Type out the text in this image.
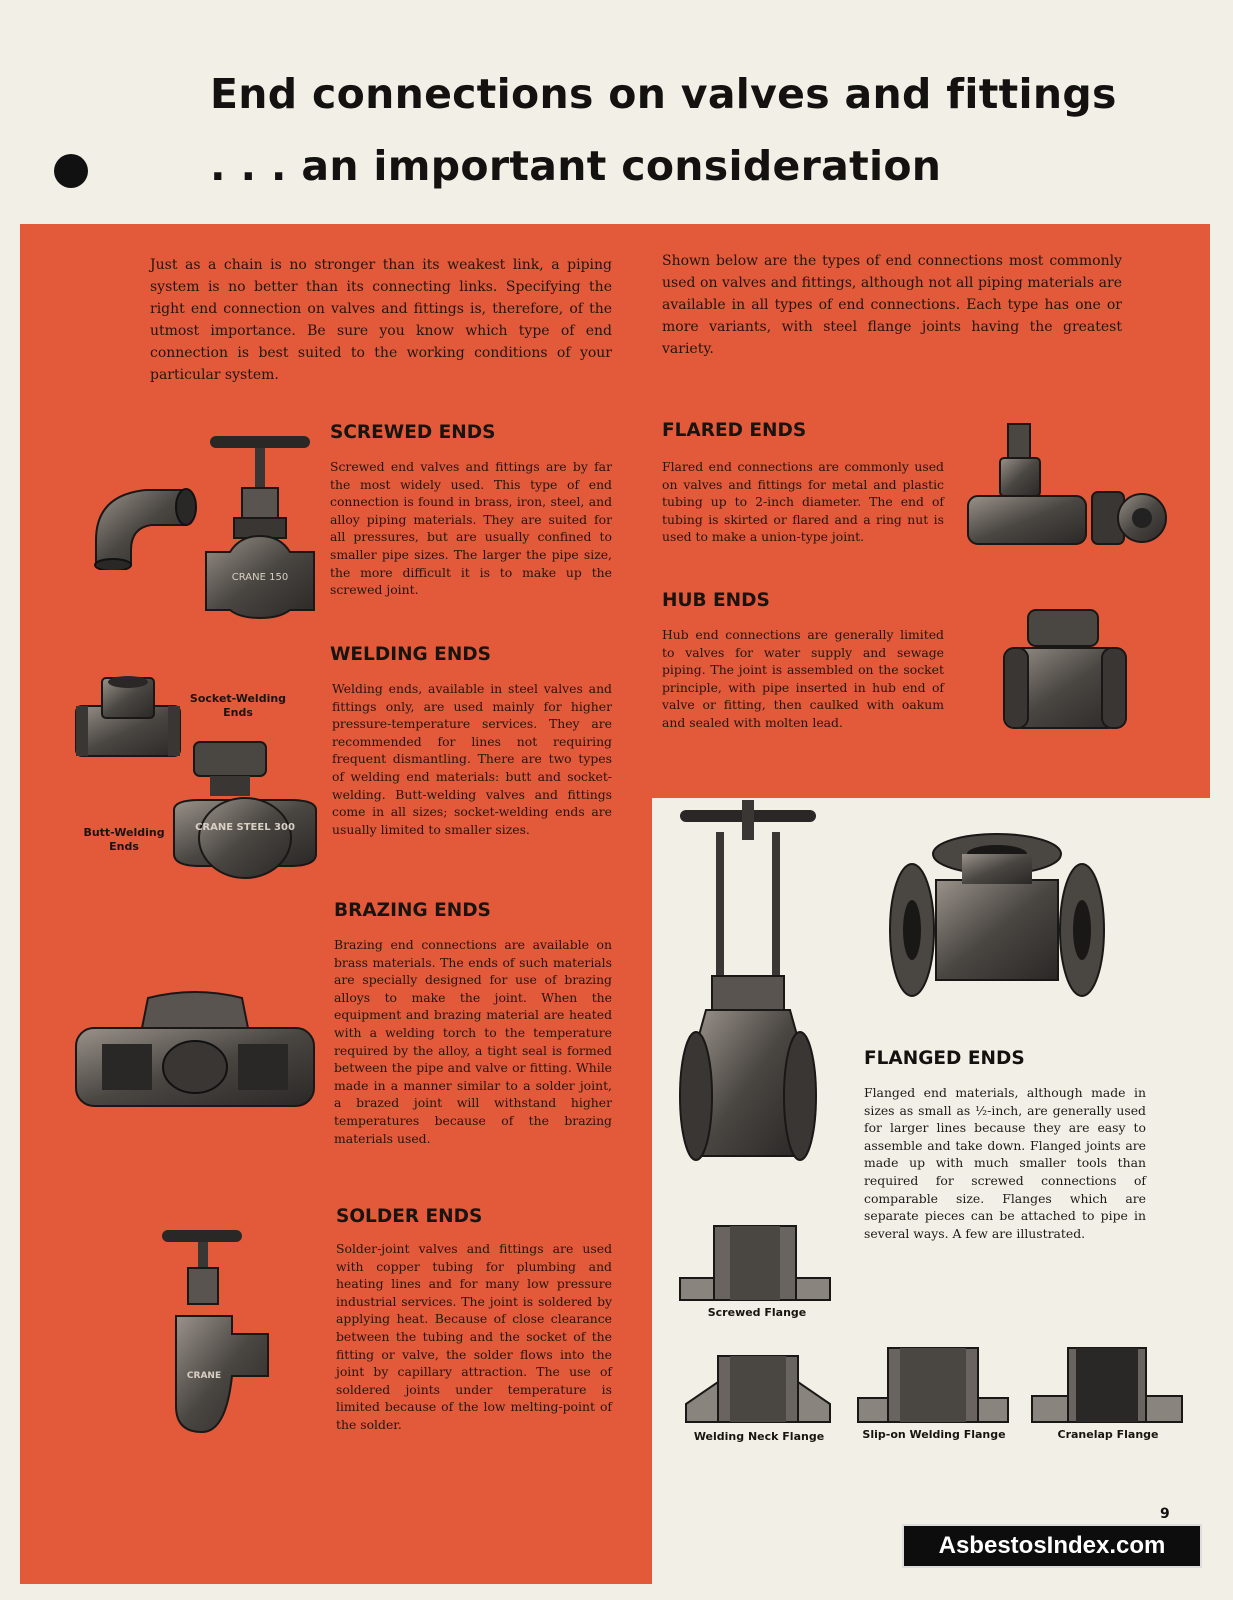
End connections on valves and fittings
. . . an important consideration

Just as a chain is no stronger than its weakest link, a piping system is no better than its connecting links. Specifying the right end connection on valves and fittings is, therefore, of the utmost importance. Be sure you know which type of end connection is best suited to the working conditions of your particular system.

Shown below are the types of end connections most commonly used on valves and fittings, although not all piping materials are available in all types of end connections. Each type has one or more variants, with steel flange joints having the greatest variety.

SCREWED ENDS

Screwed end valves and fittings are by far the most widely used. This type of end connection is found in brass, iron, steel, and alloy piping materials. They are suited for all pressures, but are usually confined to smaller pipe sizes. The larger the pipe size, the more difficult it is to make up the screwed joint.

CRANE 150
WELDING ENDS

Welding ends, available in steel valves and fittings only, are used mainly for higher pressure-temperature services. They are recommended for lines not requiring frequent dismantling. There are two types of welding end materials: butt and socket-welding. Butt-welding valves and fittings come in all sizes; socket-welding ends are usually limited to smaller sizes.

Socket-Welding Ends
CRANE STEEL 300
Butt-Welding Ends
BRAZING ENDS

Brazing end connections are available on brass materials. The ends of such materials are specially designed for use of brazing alloys to make the joint. When the equipment and brazing material are heated with a welding torch to the temperature required by the alloy, a tight seal is formed between the pipe and valve or fitting. While made in a manner similar to a solder joint, a brazed joint will withstand higher temperatures because of the brazing materials used.

SOLDER ENDS

Solder-joint valves and fittings are used with copper tubing for plumbing and heating lines and for many low pressure industrial services. The joint is soldered by applying heat. Because of close clearance between the tubing and the socket of the fitting or valve, the solder flows into the joint by capillary attraction. The use of soldered joints under temperature is limited because of the low melting-point of the solder.

CRANE
FLARED ENDS

Flared end connections are commonly used on valves and fittings for metal and plastic tubing up to 2-inch diameter. The end of tubing is skirted or flared and a ring nut is used to make a union-type joint.

HUB ENDS

Hub end connections are generally limited to valves for water supply and sewage piping. The joint is assembled on the socket principle, with pipe inserted in hub end of valve or fitting, then caulked with oakum and sealed with molten lead.

FLANGED ENDS

Flanged end materials, although made in sizes as small as ½-inch, are generally used for larger lines because they are easy to assemble and take down. Flanged joints are made up with much smaller tools than required for screwed connections of comparable size. Flanges which are separate pieces can be attached to pipe in several ways. A few are illustrated.

Screwed Flange
Welding Neck Flange	Slip-on Welding Flange	Cranelap Flange
9
AsbestosIndex.com
